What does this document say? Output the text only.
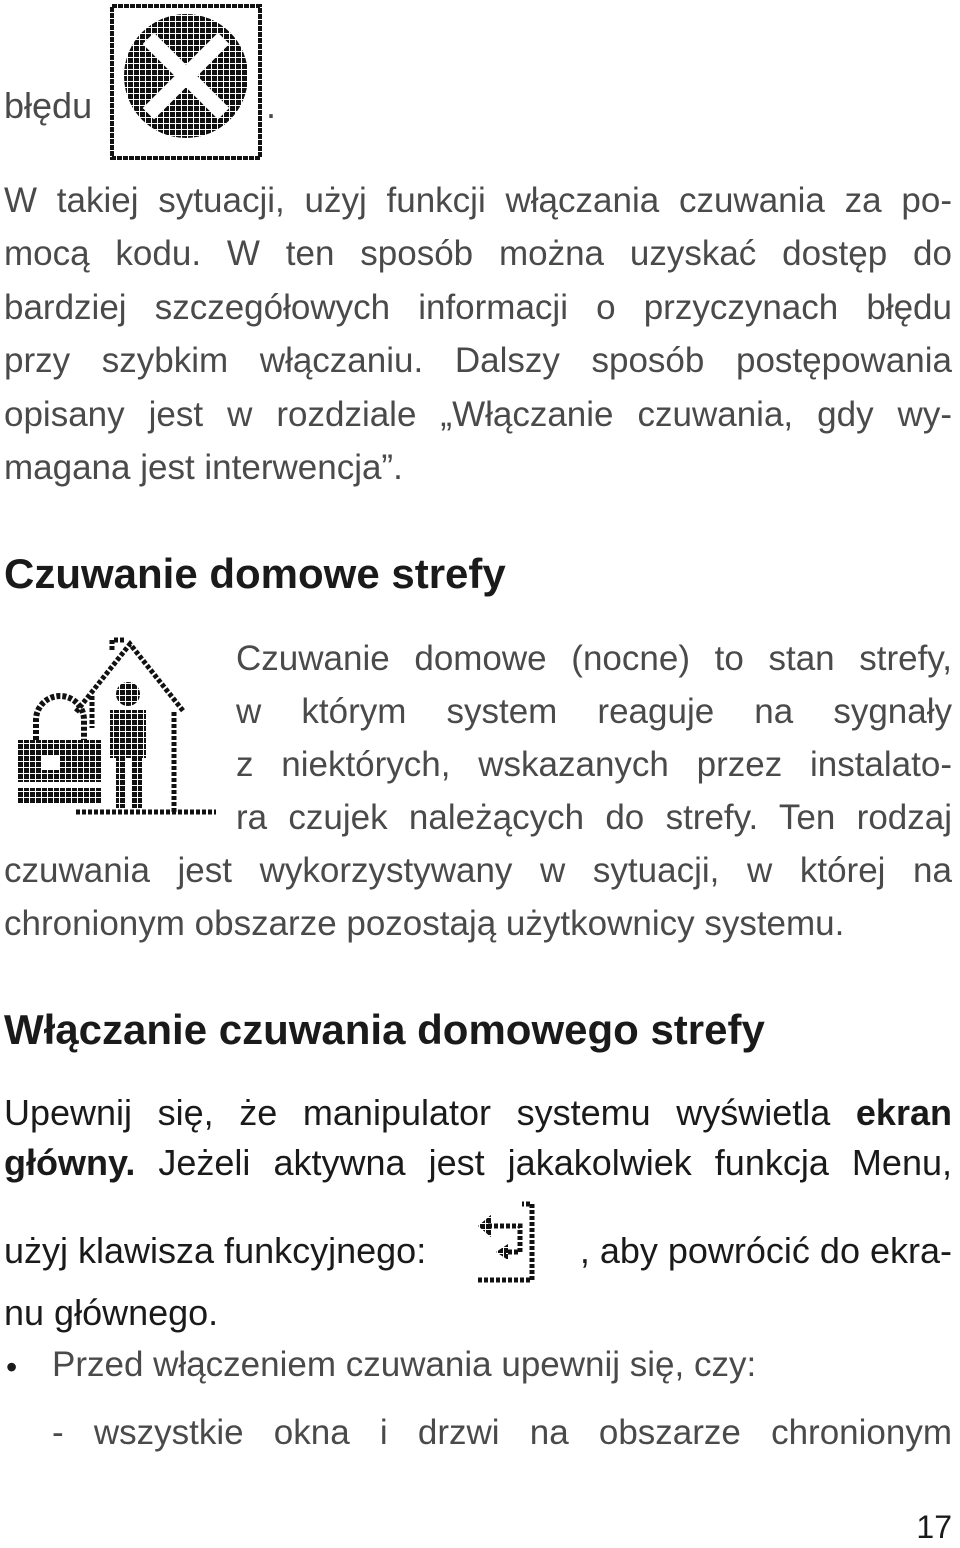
błędu	.
W takiej sytuacji, użyj funkcji włączania czuwania za po-
mocą kodu. W ten sposób można uzyskać dostęp do
bardziej szczegółowych informacji o przyczynach błędu
przy szybkim włączaniu. Dalszy sposób postępowania
opisany jest w rozdziale „Włączanie czuwania, gdy wy-
magana jest interwencja”.
Czuwanie domowe strefy
Czuwanie domowe (nocne) to stan strefy,
w którym system reaguje na sygnały
z niektórych, wskazanych przez instalato-
ra czujek należących do strefy. Ten rodzaj
czuwania jest wykorzystywany w sytuacji, w której na
chronionym obszarze pozostają użytkownicy systemu.
Włączanie czuwania domowego strefy
Upewnij się, że manipulator systemu wyświetla ekran
główny. Jeżeli aktywna jest jakakolwiek funkcja Menu,
użyj klawisza funkcyjnego:	, aby powrócić do ekra-
nu głównego.
• Przed włączeniem czuwania upewnij się, czy:
- wszystkie okna i drzwi na obszarze chronionym
17
